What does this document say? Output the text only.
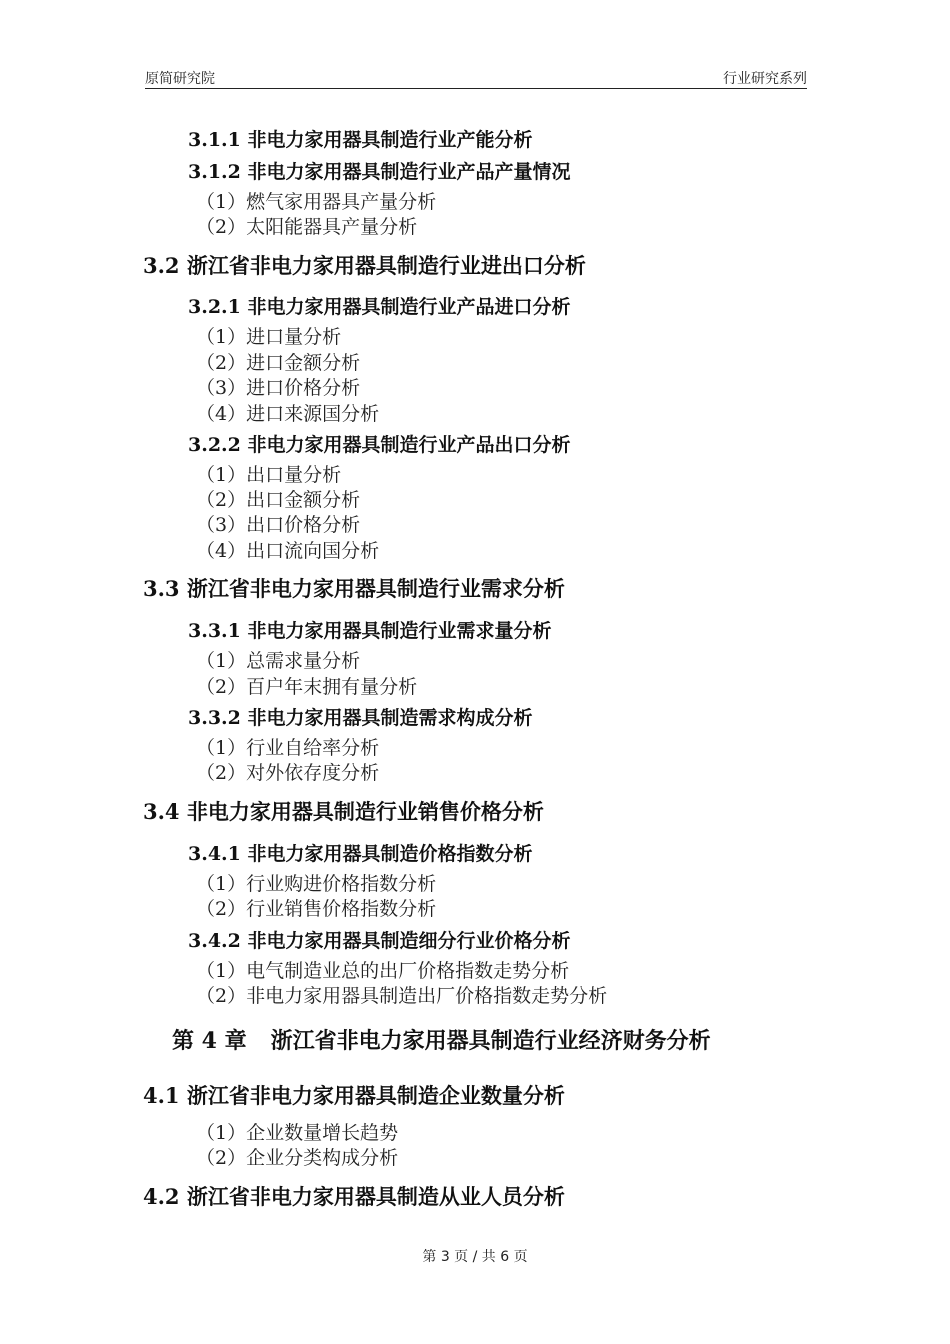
原简研究院	行业研究系列
3.1.1 非电力家用器具制造行业产能分析
3.1.2 非电力家用器具制造行业产品产量情况
（1）燃气家用器具产量分析
（2）太阳能器具产量分析
3.2 浙江省非电力家用器具制造行业进出口分析
3.2.1 非电力家用器具制造行业产品进口分析
（1）进口量分析
（2）进口金额分析
（3）进口价格分析
（4）进口来源国分析
3.2.2 非电力家用器具制造行业产品出口分析
（1）出口量分析
（2）出口金额分析
（3）出口价格分析
（4）出口流向国分析
3.3 浙江省非电力家用器具制造行业需求分析
3.3.1 非电力家用器具制造行业需求量分析
（1）总需求量分析
（2）百户年末拥有量分析
3.3.2 非电力家用器具制造需求构成分析
（1）行业自给率分析
（2）对外依存度分析
3.4 非电力家用器具制造行业销售价格分析
3.4.1 非电力家用器具制造价格指数分析
（1）行业购进价格指数分析
（2）行业销售价格指数分析
3.4.2 非电力家用器具制造细分行业价格分析
（1）电气制造业总的出厂价格指数走势分析
（2）非电力家用器具制造出厂价格指数走势分析
第 4 章 浙江省非电力家用器具制造行业经济财务分析
4.1 浙江省非电力家用器具制造企业数量分析
（1）企业数量增长趋势
（2）企业分类构成分析
4.2 浙江省非电力家用器具制造从业人员分析
第 3 页 / 共 6 页
